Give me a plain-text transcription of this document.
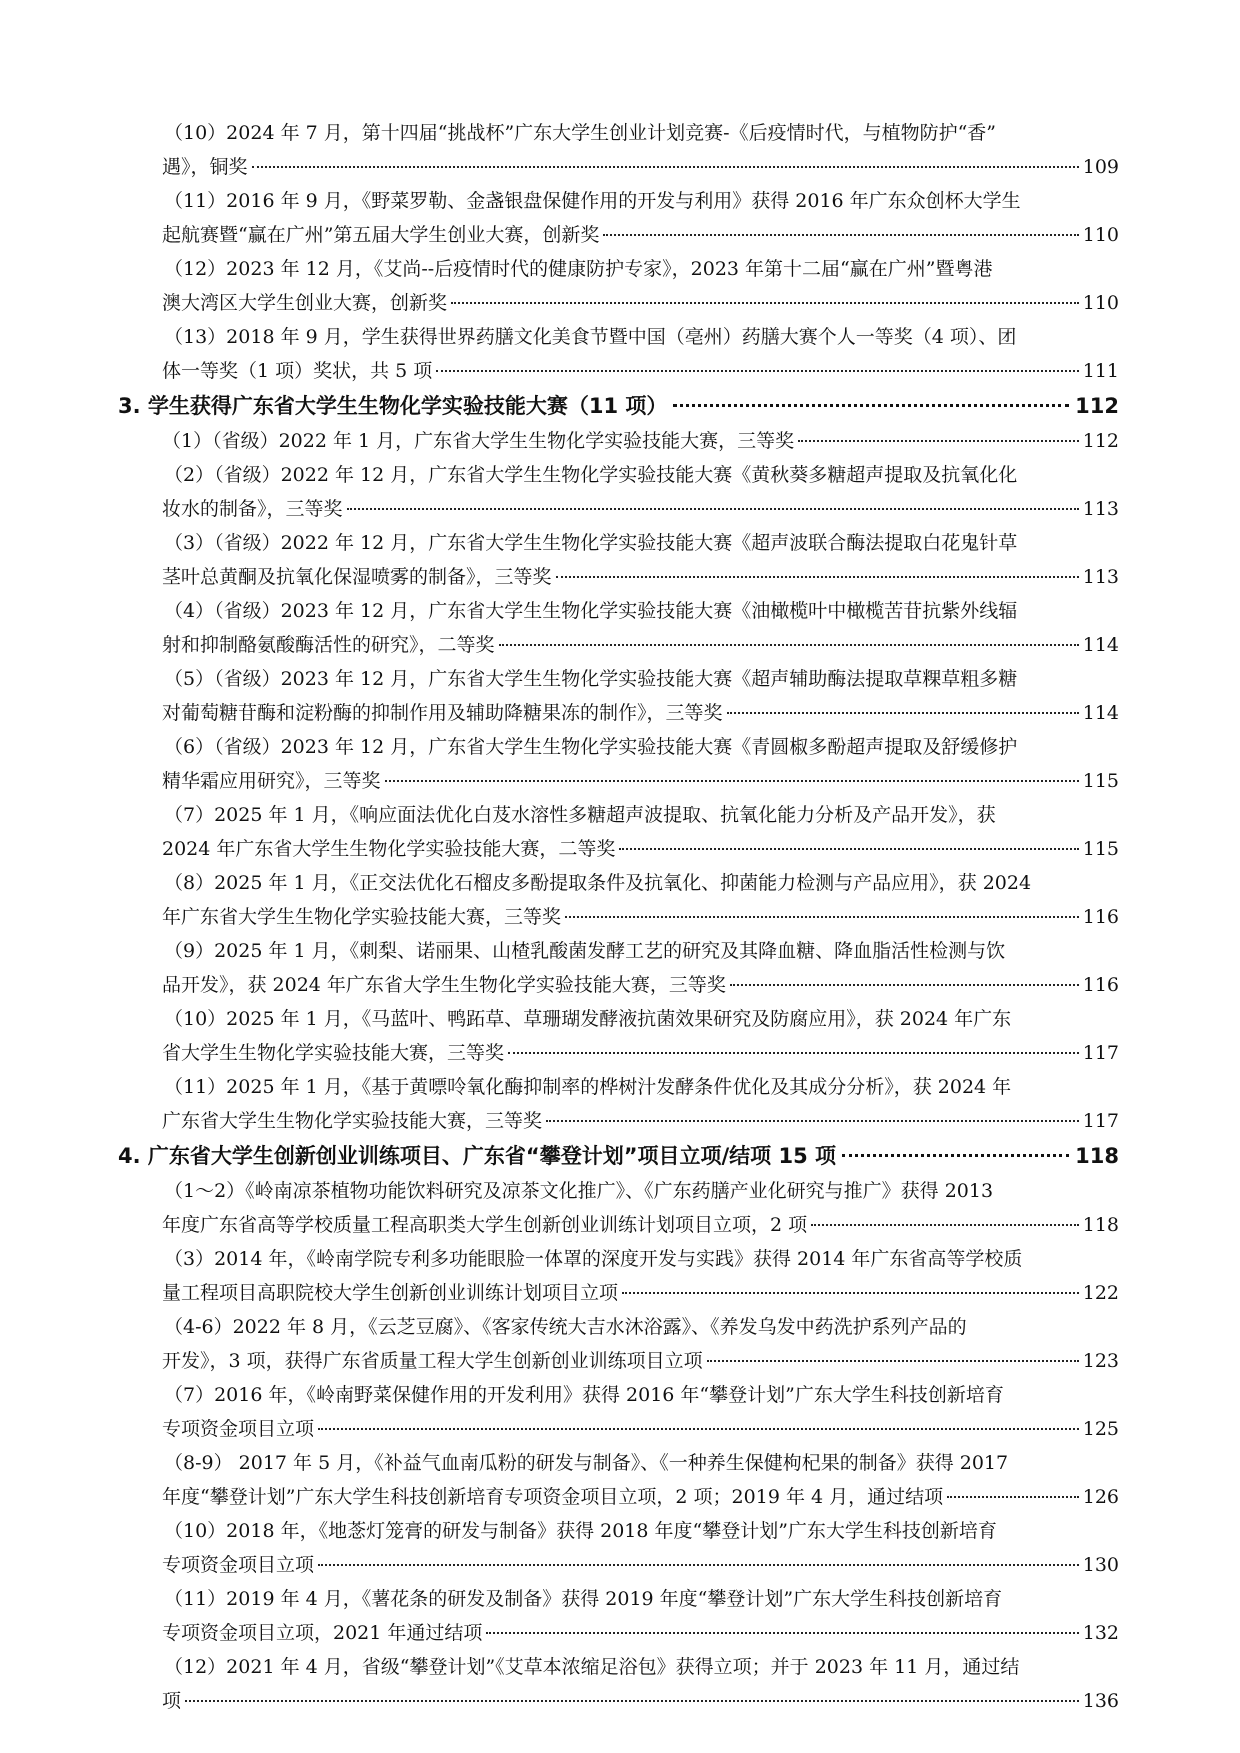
（10）2024 年 7 月，第十四届“挑战杯”广东大学生创业计划竞赛-《后疫情时代，与植物防护“香”
遇》，铜奖	109
（11）2016 年 9 月，《野菜罗勒、金盏银盘保健作用的开发与利用》获得 2016 年广东众创杯大学生
起航赛暨“赢在广州”第五届大学生创业大赛，创新奖	110
（12）2023 年 12 月，《艾尚--后疫情时代的健康防护专家》，2023 年第十二届“赢在广州”暨粤港
澳大湾区大学生创业大赛，创新奖	110
（13）2018 年 9 月，学生获得世界药膳文化美食节暨中国（亳州）药膳大赛个人一等奖（4 项）、团
体一等奖（1 项）奖状，共 5 项	111
3. 学生获得广东省大学生生物化学实验技能大赛（11 项）	112
（1）（省级）2022 年 1 月，广东省大学生生物化学实验技能大赛，三等奖	112
（2）（省级）2022 年 12 月，广东省大学生生物化学实验技能大赛《黄秋葵多糖超声提取及抗氧化化
妆水的制备》，三等奖	113
（3）（省级）2022 年 12 月，广东省大学生生物化学实验技能大赛《超声波联合酶法提取白花鬼针草
茎叶总黄酮及抗氧化保湿喷雾的制备》，三等奖	113
（4）（省级）2023 年 12 月，广东省大学生生物化学实验技能大赛《油橄榄叶中橄榄苦苷抗紫外线辐
射和抑制酪氨酸酶活性的研究》，二等奖	114
（5）（省级）2023 年 12 月，广东省大学生生物化学实验技能大赛《超声辅助酶法提取草粿草粗多糖
对葡萄糖苷酶和淀粉酶的抑制作用及辅助降糖果冻的制作》，三等奖	114
（6）（省级）2023 年 12 月，广东省大学生生物化学实验技能大赛《青圆椒多酚超声提取及舒缓修护
精华霜应用研究》，三等奖	115
（7）2025 年 1 月，《响应面法优化白芨水溶性多糖超声波提取、抗氧化能力分析及产品开发》，获
2024 年广东省大学生生物化学实验技能大赛，二等奖	115
（8）2025 年 1 月，《正交法优化石榴皮多酚提取条件及抗氧化、抑菌能力检测与产品应用》，获 2024
年广东省大学生生物化学实验技能大赛，三等奖	116
（9）2025 年 1 月，《刺梨、诺丽果、山楂乳酸菌发酵工艺的研究及其降血糖、降血脂活性检测与饮
品开发》，获 2024 年广东省大学生生物化学实验技能大赛，三等奖	116
（10）2025 年 1 月，《马蓝叶、鸭跖草、草珊瑚发酵液抗菌效果研究及防腐应用》，获 2024 年广东
省大学生生物化学实验技能大赛，三等奖	117
（11）2025 年 1 月，《基于黄嘌呤氧化酶抑制率的桦树汁发酵条件优化及其成分分析》，获 2024 年
广东省大学生生物化学实验技能大赛，三等奖	117
4. 广东省大学生创新创业训练项目、广东省“攀登计划”项目立项/结项 15 项	118
（1～2）《岭南凉茶植物功能饮料研究及凉茶文化推广》、《广东药膳产业化研究与推广》获得 2013
年度广东省高等学校质量工程高职类大学生创新创业训练计划项目立项，2 项	118
（3）2014 年，《岭南学院专利多功能眼脸一体罩的深度开发与实践》获得 2014 年广东省高等学校质
量工程项目高职院校大学生创新创业训练计划项目立项	122
（4-6）2022 年 8 月，《云芝豆腐》、《客家传统大吉水沐浴露》、《养发乌发中药洗护系列产品的
开发》，3 项，获得广东省质量工程大学生创新创业训练项目立项	123
（7）2016 年，《岭南野菜保健作用的开发利用》获得 2016 年“攀登计划”广东大学生科技创新培育
专项资金项目立项	125
（8-9） 2017 年 5 月，《补益气血南瓜粉的研发与制备》、《一种养生保健枸杞果的制备》获得 2017
年度“攀登计划”广东大学生科技创新培育专项资金项目立项，2 项；2019 年 4 月，通过结项	126
（10）2018 年，《地菍灯笼膏的研发与制备》获得 2018 年度“攀登计划”广东大学生科技创新培育
专项资金项目立项	130
（11）2019 年 4 月，《薯花条的研发及制备》获得 2019 年度“攀登计划”广东大学生科技创新培育
专项资金项目立项，2021 年通过结项	132
（12）2021 年 4 月，省级“攀登计划”《艾草本浓缩足浴包》获得立项；并于 2023 年 11 月，通过结
项	136
